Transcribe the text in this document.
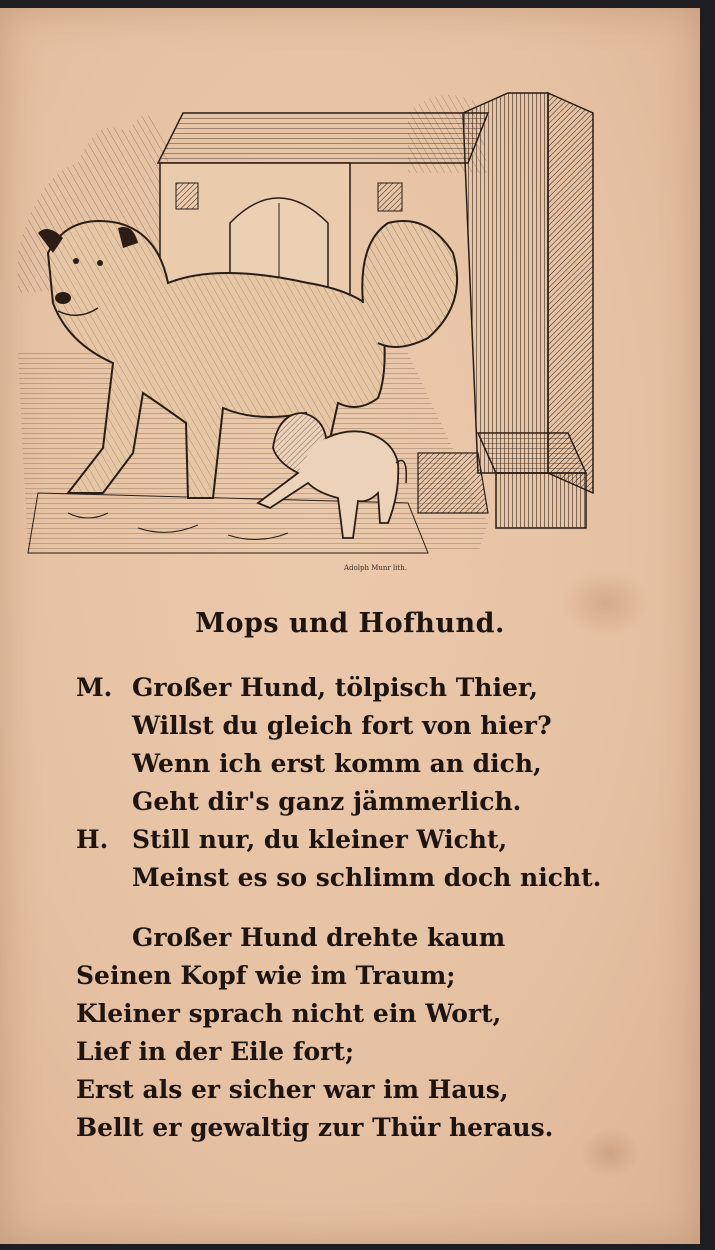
Adolph Munr lith.
Mops und Hofhund.
M. Großer Hund, tölpisch Thier,
Willst du gleich fort von hier?
Wenn ich erst komm an dich,
Geht dir's ganz jämmerlich.
H. Still nur, du kleiner Wicht,
Meinst es so schlimm doch nicht.
Großer Hund drehte kaum
Seinen Kopf wie im Traum;
Kleiner sprach nicht ein Wort,
Lief in der Eile fort;
Erst als er sicher war im Haus,
Bellt er gewaltig zur Thür heraus.
